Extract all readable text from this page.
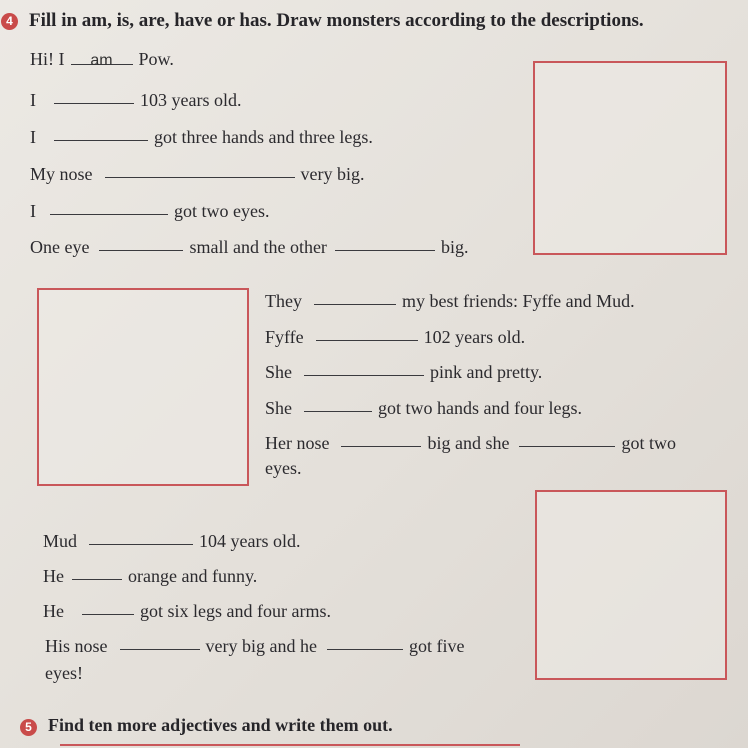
4 Fill in am, is, are, have or has. Draw monsters according to the descriptions.
Hi! I am Pow.
I	103 years old.
I	got three hands and three legs.
My nose	very big.
I	got two eyes.
One eye	small and the other	big.
They	my best friends: Fyffe and Mud.
Fyffe	102 years old.
She	pink and pretty.
She	got two hands and four legs.
Her nose	big and she	got two
eyes.
Mud	104 years old.
He	orange and funny.
He	got six legs and four arms.
His nose	very big and he	got five
eyes!
5 Find ten more adjectives and write them out.
